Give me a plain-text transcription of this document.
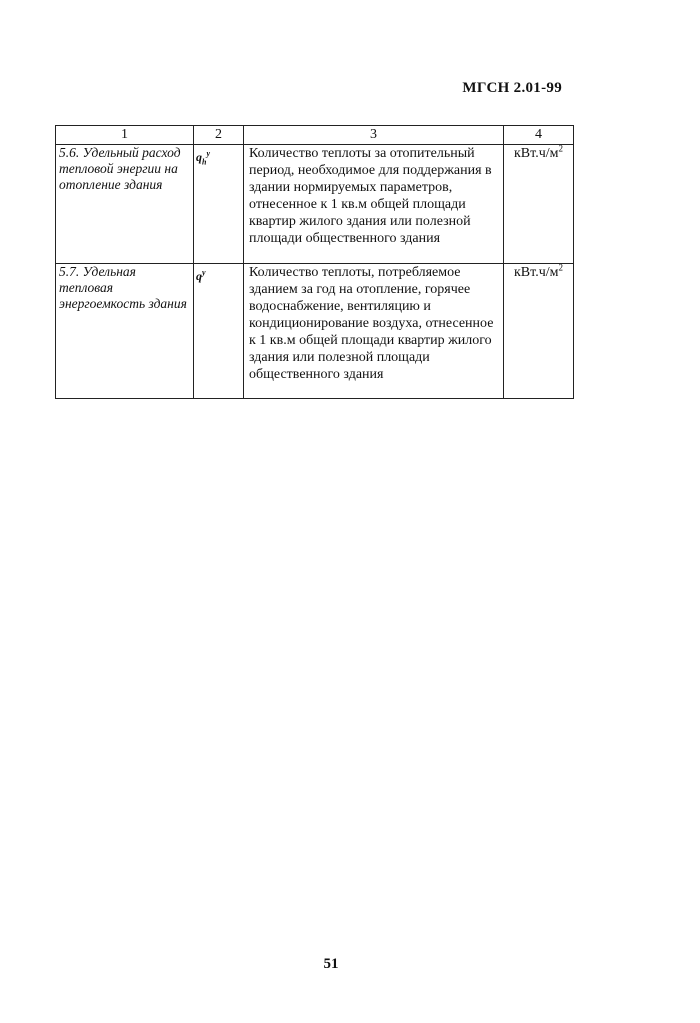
МГСН 2.01-99
1	2	3	4
5.6. Удельный расход тепловой энергии на отопление здания	$q_h^y$	Количество теплоты за отопительный период, необходимое для поддержания в здании нормируемых параметров, отнесенное к 1 кв.м общей площади квартир жилого здания или полезной площади общественного здания	$кВт.ч/м^2$
5.7. Удельная тепловая энергоемкость здания	$q^y$	Количество теплоты, потребляемое зданием за год на отопление, горячее водоснабжение, вентиляцию и кондиционирование воздуха, отнесенное к 1 кв.м общей площади квартир жилого здания или полезной площади общественного здания	$кВт.ч/м^2$
51
